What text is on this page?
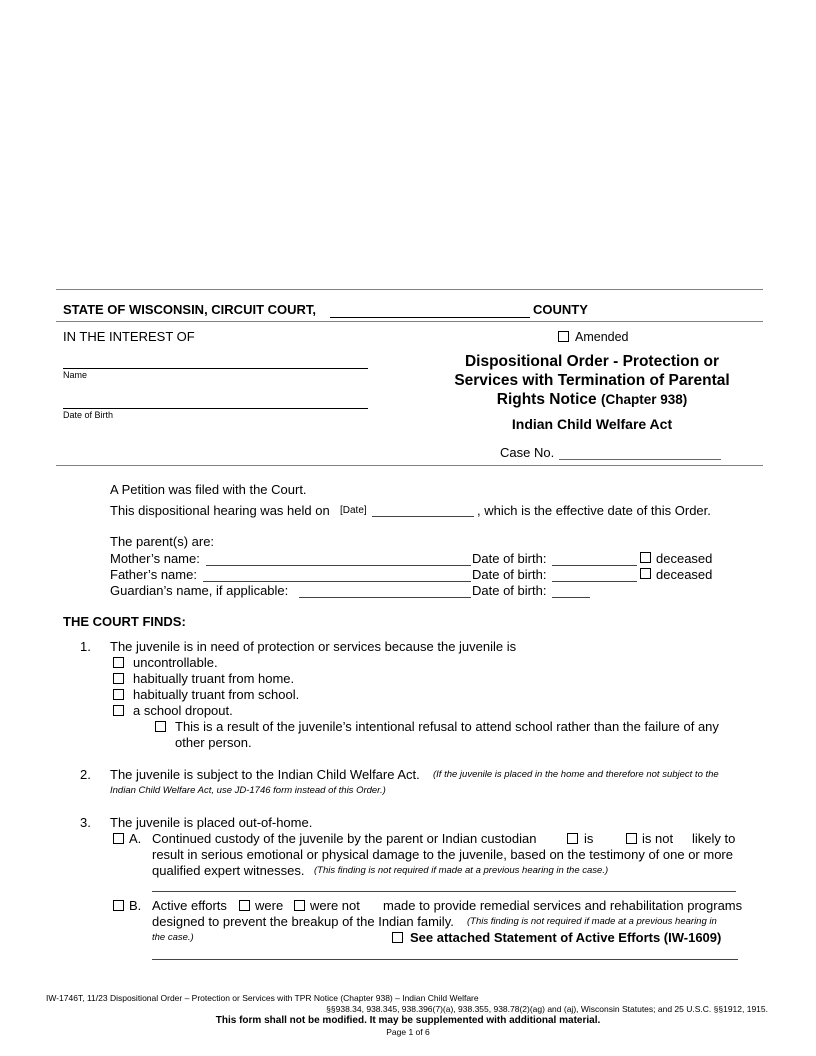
STATE OF WISCONSIN, CIRCUIT COURT,	COUNTY
IN THE INTEREST OF	Amended
Name
Date of Birth
Dispositional Order - Protection or Services with Termination of Parental Rights Notice (Chapter 938)
Indian Child Welfare Act
Case No.
A Petition was filed with the Court.
This dispositional hearing was held on [Date]	, which is the effective date of this Order.
The parent(s) are:
Mother’s name:	Date of birth:	deceased
Father’s name:	Date of birth:	deceased
Guardian’s name, if applicable:	Date of birth:
THE COURT FINDS:
1. The juvenile is in need of protection or services because the juvenile is
uncontrollable.
habitually truant from home.
habitually truant from school.
a school dropout.
This is a result of the juvenile’s intentional refusal to attend school rather than the failure of any
other person.
2. The juvenile is subject to the Indian Child Welfare Act. (If the juvenile is placed in the home and therefore not subject to the
Indian Child Welfare Act, use JD-1746 form instead of this Order.)
3. The juvenile is placed out-of-home.
A. Continued custody of the juvenile by the parent or Indian custodian	is	is not likely to
result in serious emotional or physical damage to the juvenile, based on the testimony of one or more
qualified expert witnesses. (This finding is not required if made at a previous hearing in the case.)
B. Active efforts were were not made to provide remedial services and rehabilitation programs
designed to prevent the breakup of the Indian family. (This finding is not required if made at a previous hearing in
the case.)	See attached Statement of Active Efforts (IW-1609)
IW-1746T, 11/23 Dispositional Order – Protection or Services with TPR Notice (Chapter 938) – Indian Child Welfare
§§938.34, 938.345, 938.396(7)(a), 938.355, 938.78(2)(ag) and (aj), Wisconsin Statutes; and 25 U.S.C. §§1912, 1915.
This form shall not be modified. It may be supplemented with additional material.
Page 1 of 6
